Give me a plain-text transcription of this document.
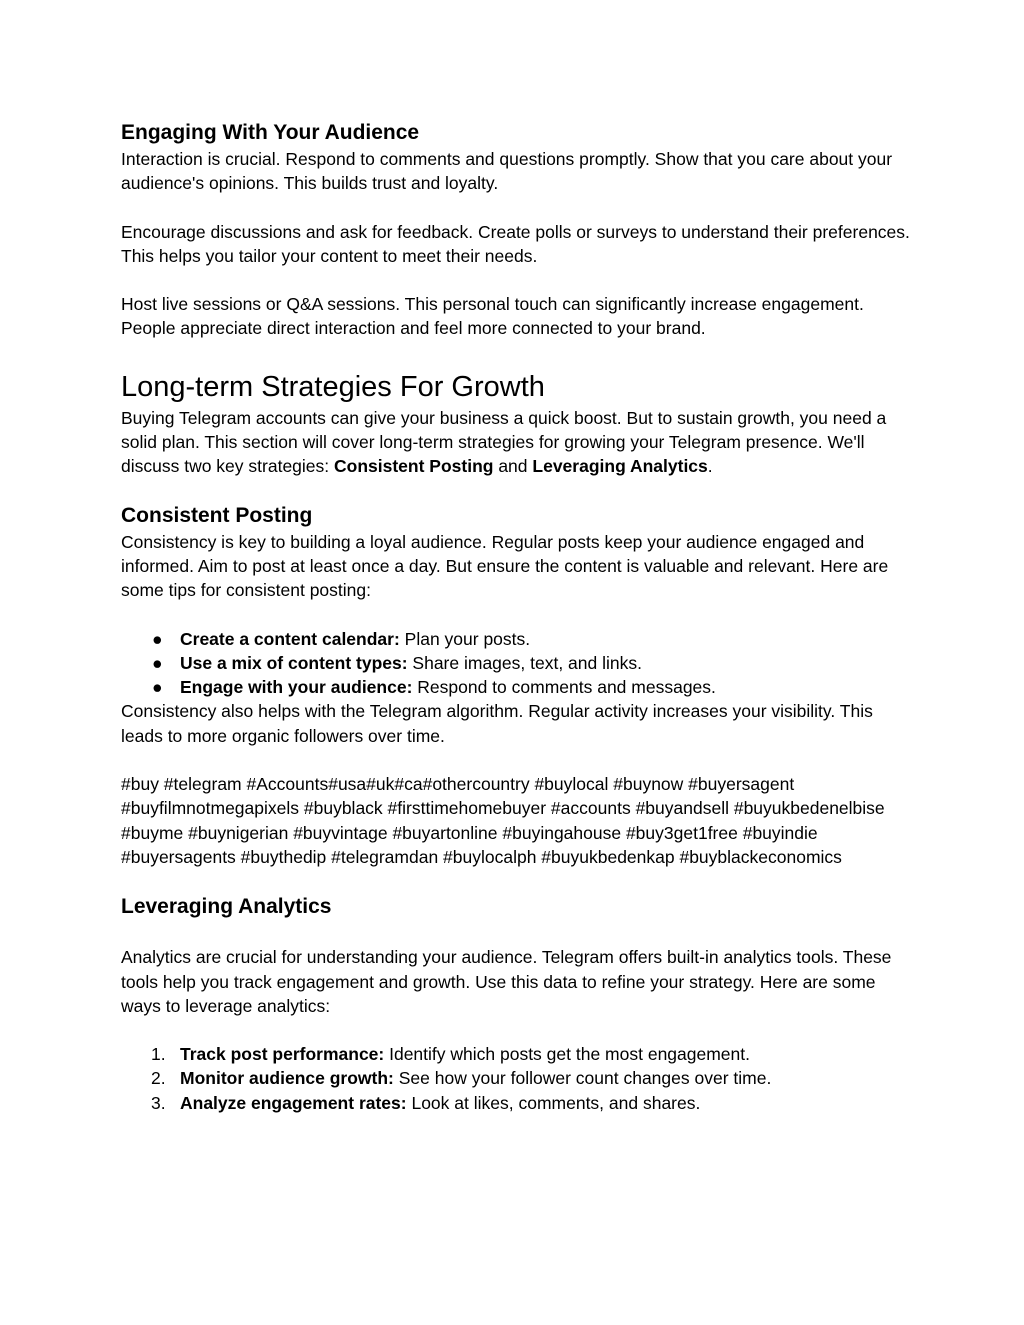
Engaging With Your Audience

Interaction is crucial. Respond to comments and questions promptly. Show that you care about your audience's opinions. This builds trust and loyalty.

Encourage discussions and ask for feedback. Create polls or surveys to understand their preferences. This helps you tailor your content to meet their needs.

Host live sessions or Q&A sessions. This personal touch can significantly increase engagement. People appreciate direct interaction and feel more connected to your brand.

Long-term Strategies For Growth

Buying Telegram accounts can give your business a quick boost. But to sustain growth, you need a solid plan. This section will cover long-term strategies for growing your Telegram presence. We'll discuss two key strategies: Consistent Posting and Leveraging Analytics.

Consistent Posting

Consistency is key to building a loyal audience. Regular posts keep your audience engaged and informed. Aim to post at least once a day. But ensure the content is valuable and relevant. Here are some tips for consistent posting:

● Create a content calendar: Plan your posts.
● Use a mix of content types: Share images, text, and links.
● Engage with your audience: Respond to comments and messages.

Consistency also helps with the Telegram algorithm. Regular activity increases your visibility. This leads to more organic followers over time.

#buy #telegram #Accounts#usa#uk#ca#othercountry #buylocal #buynow #buyersagent #buyfilmnotmegapixels #buyblack #firsttimehomebuyer #accounts #buyandsell #buyukbedenelbise #buyme #buynigerian #buyvintage #buyartonline #buyingahouse #buy3get1free #buyindie #buyersagents #buythedip #telegramdan #buylocalph #buyukbedenkap #buyblackeconomics

Leveraging Analytics

Analytics are crucial for understanding your audience. Telegram offers built-in analytics tools. These tools help you track engagement and growth. Use this data to refine your strategy. Here are some ways to leverage analytics:

1. Track post performance: Identify which posts get the most engagement.
2. Monitor audience growth: See how your follower count changes over time.
3. Analyze engagement rates: Look at likes, comments, and shares.
